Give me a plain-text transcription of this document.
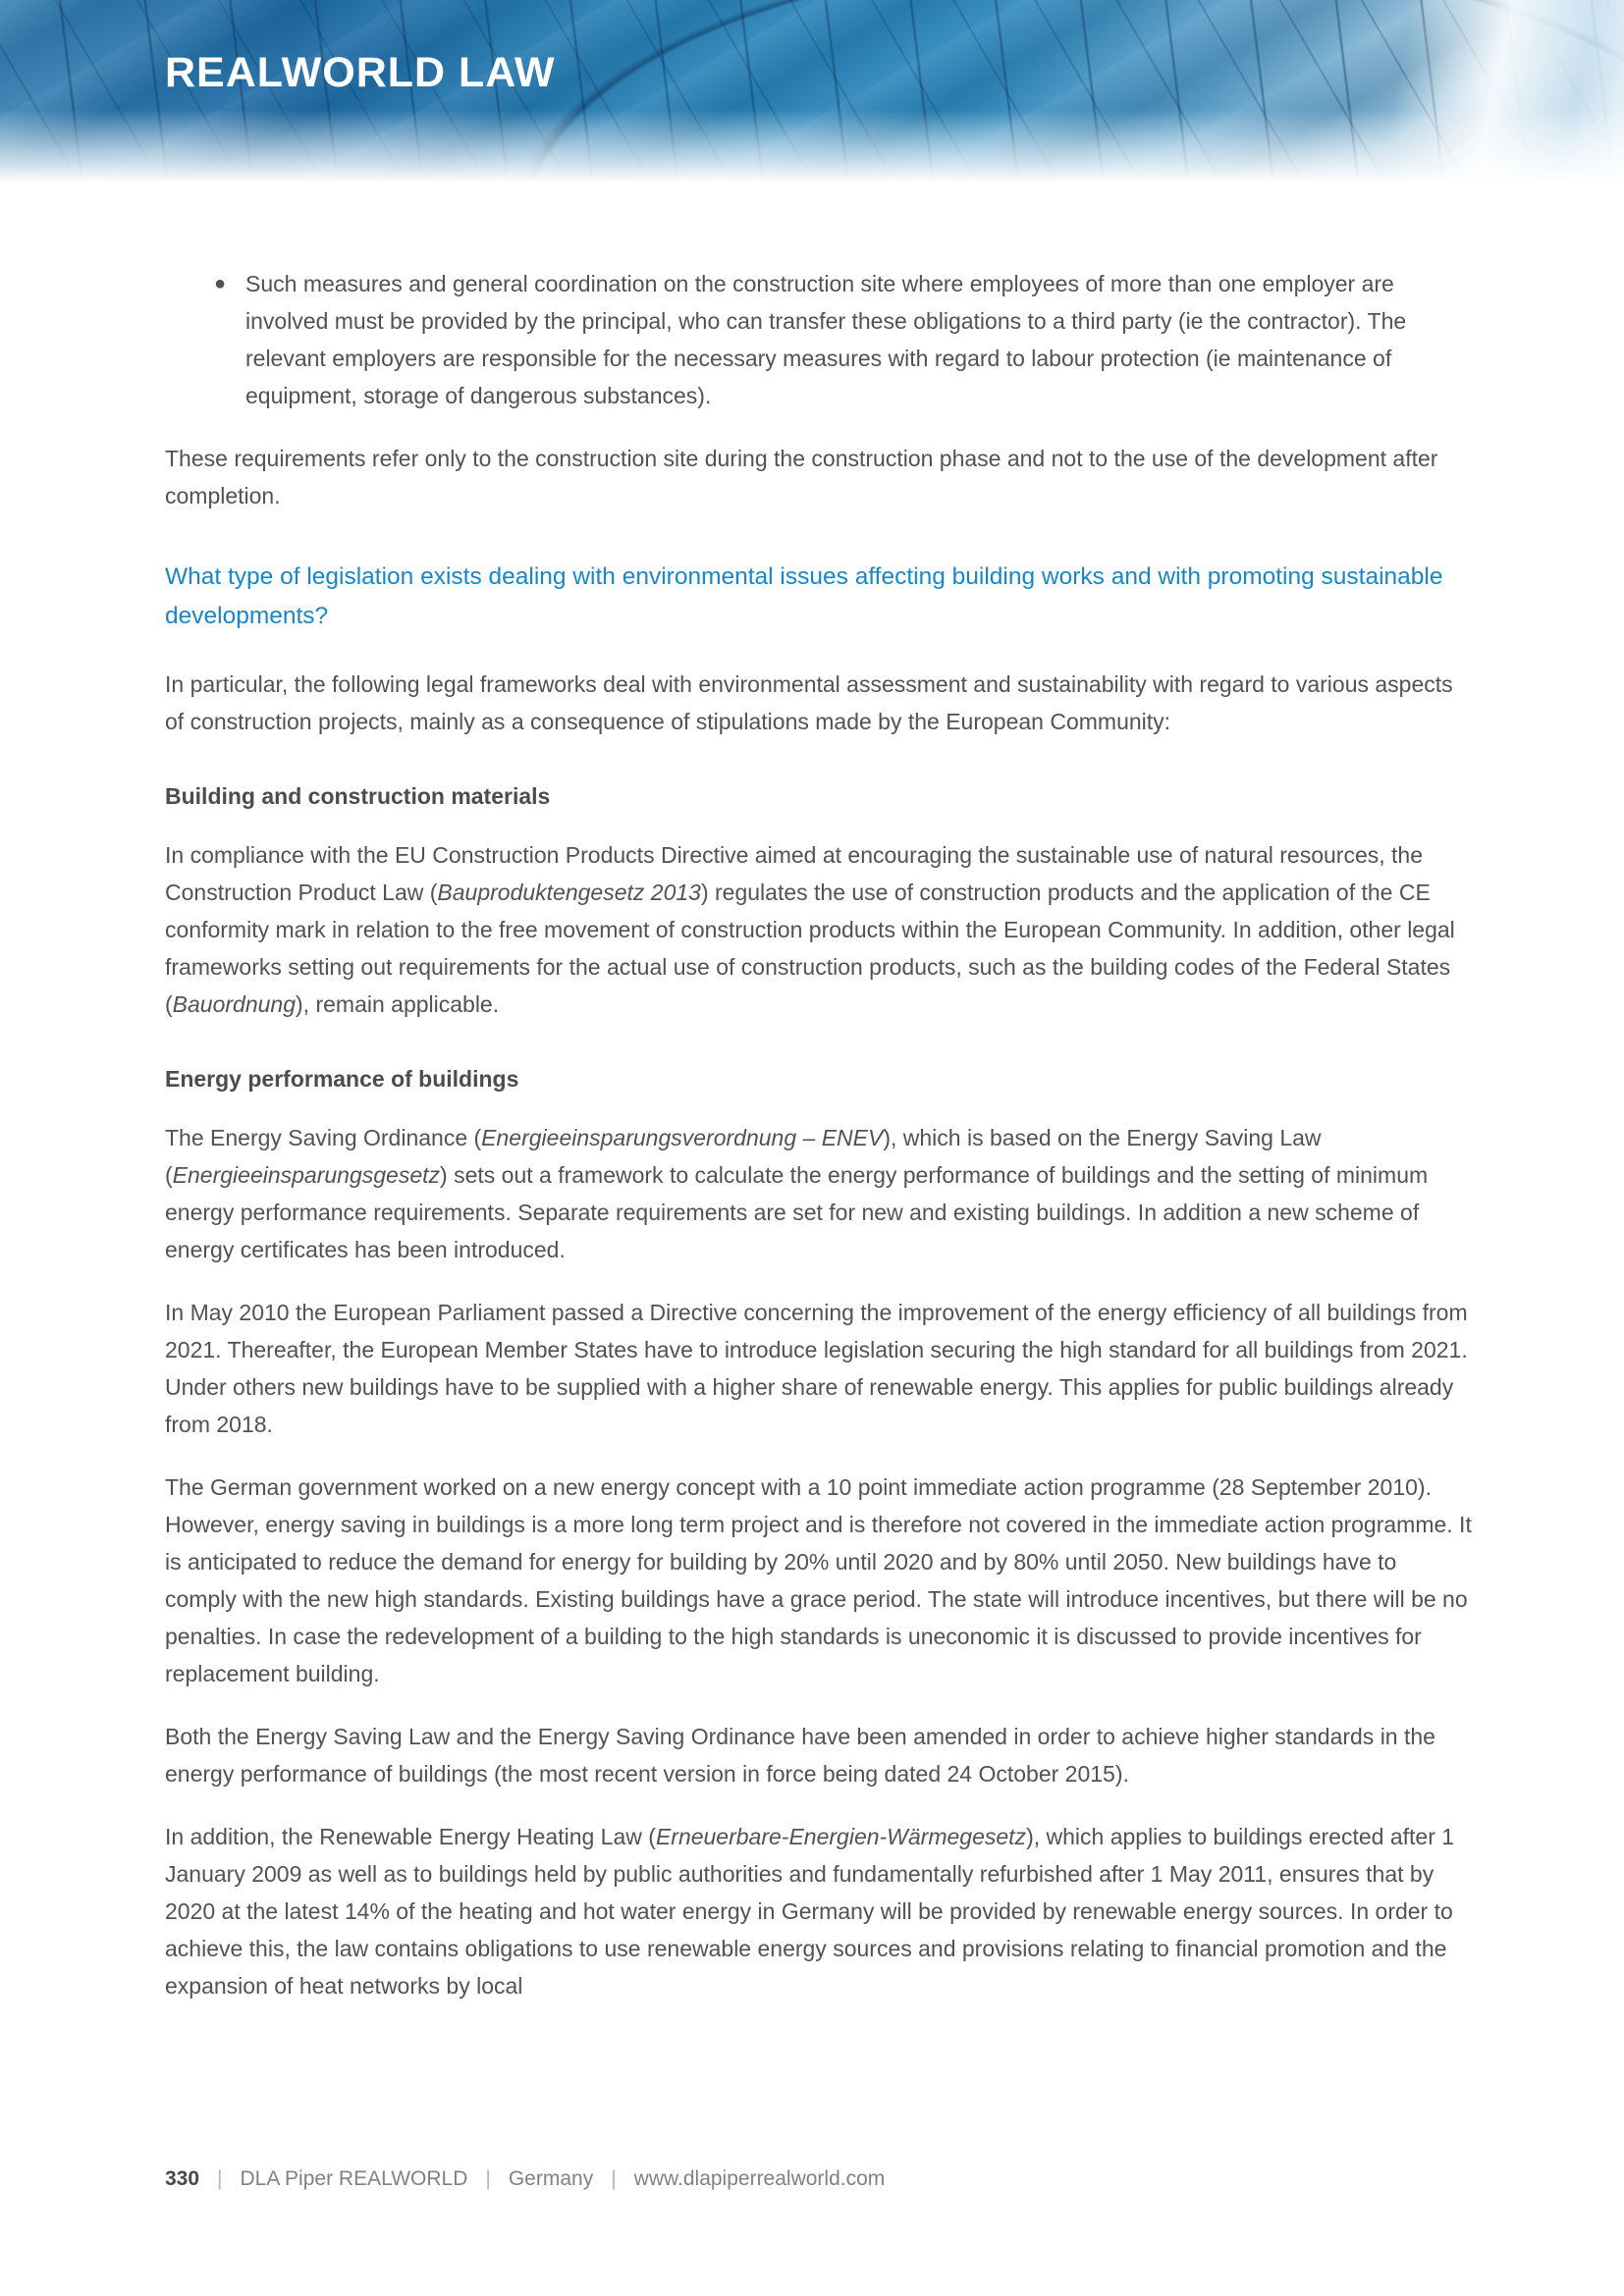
REALWORLD LAW
● Such measures and general coordination on the construction site where employees of more than one employer are involved must be provided by the principal, who can transfer these obligations to a third party (ie the contractor). The relevant employers are responsible for the necessary measures with regard to labour protection (ie maintenance of equipment, storage of dangerous substances).

These requirements refer only to the construction site during the construction phase and not to the use of the development after completion.

What type of legislation exists dealing with environmental issues affecting building works and with promoting sustainable developments?

In particular, the following legal frameworks deal with environmental assessment and sustainability with regard to various aspects of construction projects, mainly as a consequence of stipulations made by the European Community:

Building and construction materials

In compliance with the EU Construction Products Directive aimed at encouraging the sustainable use of natural resources, the Construction Product Law (Bauproduktengesetz 2013) regulates the use of construction products and the application of the CE conformity mark in relation to the free movement of construction products within the European Community. In addition, other legal frameworks setting out requirements for the actual use of construction products, such as the building codes of the Federal States (Bauordnung), remain applicable.

Energy performance of buildings

The Energy Saving Ordinance (Energieeinsparungsverordnung – ENEV), which is based on the Energy Saving Law (Energieeinsparungsgesetz) sets out a framework to calculate the energy performance of buildings and the setting of minimum energy performance requirements. Separate requirements are set for new and existing buildings. In addition a new scheme of energy certificates has been introduced.

In May 2010 the European Parliament passed a Directive concerning the improvement of the energy efficiency of all buildings from 2021. Thereafter, the European Member States have to introduce legislation securing the high standard for all buildings from 2021. Under others new buildings have to be supplied with a higher share of renewable energy. This applies for public buildings already from 2018.

The German government worked on a new energy concept with a 10 point immediate action programme (28 September 2010). However, energy saving in buildings is a more long term project and is therefore not covered in the immediate action programme. It is anticipated to reduce the demand for energy for building by 20% until 2020 and by 80% until 2050. New buildings have to comply with the new high standards. Existing buildings have a grace period. The state will introduce incentives, but there will be no penalties. In case the redevelopment of a building to the high standards is uneconomic it is discussed to provide incentives for replacement building.

Both the Energy Saving Law and the Energy Saving Ordinance have been amended in order to achieve higher standards in the energy performance of buildings (the most recent version in force being dated 24 October 2015).

In addition, the Renewable Energy Heating Law (Erneuerbare-Energien-Wärmegesetz), which applies to buildings erected after 1 January 2009 as well as to buildings held by public authorities and fundamentally refurbished after 1 May 2011, ensures that by 2020 at the latest 14% of the heating and hot water energy in Germany will be provided by renewable energy sources. In order to achieve this, the law contains obligations to use renewable energy sources and provisions relating to financial promotion and the expansion of heat networks by local

330 | DLA Piper REALWORLD | Germany | www.dlapiperrealworld.com
